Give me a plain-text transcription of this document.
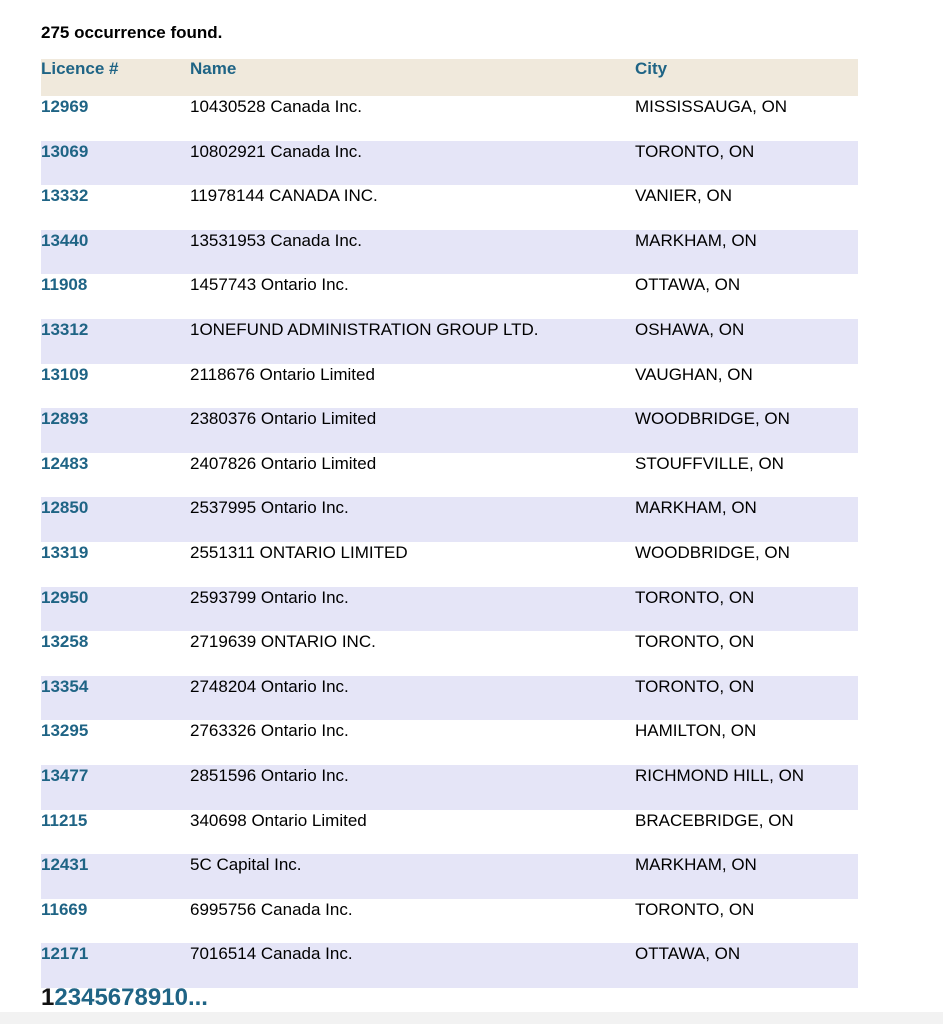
275 occurrence found.
Licence #	Name	City
12969	10430528 Canada Inc.	MISSISSAUGA, ON
13069	10802921 Canada Inc.	TORONTO, ON
13332	11978144 CANADA INC.	VANIER, ON
13440	13531953 Canada Inc.	MARKHAM, ON
11908	1457743 Ontario Inc.	OTTAWA, ON
13312	1ONEFUND ADMINISTRATION GROUP LTD.	OSHAWA, ON
13109	2118676 Ontario Limited	VAUGHAN, ON
12893	2380376 Ontario Limited	WOODBRIDGE, ON
12483	2407826 Ontario Limited	STOUFFVILLE, ON
12850	2537995 Ontario Inc.	MARKHAM, ON
13319	2551311 ONTARIO LIMITED	WOODBRIDGE, ON
12950	2593799 Ontario Inc.	TORONTO, ON
13258	2719639 ONTARIO INC.	TORONTO, ON
13354	2748204 Ontario Inc.	TORONTO, ON
13295	2763326 Ontario Inc.	HAMILTON, ON
13477	2851596 Ontario Inc.	RICHMOND HILL, ON
11215	340698 Ontario Limited	BRACEBRIDGE, ON
12431	5C Capital Inc.	MARKHAM, ON
11669	6995756 Canada Inc.	TORONTO, ON
12171	7016514 Canada Inc.	OTTAWA, ON
12345678910...
